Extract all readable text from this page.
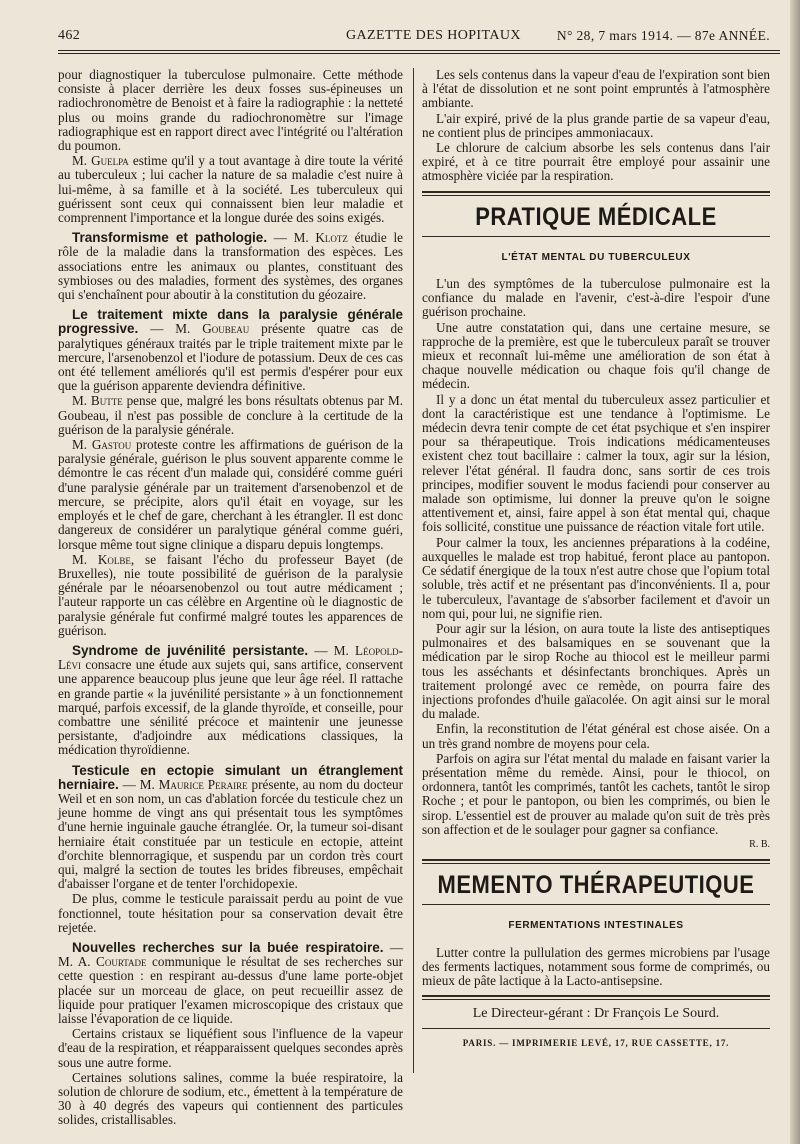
462	GAZETTE DES HOPITAUX	N° 28, 7 mars 1914. — 87e ANNÉE.

pour diagnostiquer la tuberculose pulmonaire. Cette méthode consiste à placer derrière les deux fosses sus-épineuses un radiochronomètre de Benoist et à faire la radiographie : la netteté plus ou moins grande du radiochronomètre sur l'image radiographique est en rapport direct avec l'intégrité ou l'altération du poumon.

M. Guelpa estime qu'il y a tout avantage à dire toute la vérité au tuberculeux ; lui cacher la nature de sa maladie c'est nuire à lui-même, à sa famille et à la société. Les tuberculeux qui guérissent sont ceux qui connaissent bien leur maladie et comprennent l'importance et la longue durée des soins exigés.

Transformisme et pathologie. — M. Klotz étudie le rôle de la maladie dans la transformation des espèces. Les associations entre les animaux ou plantes, constituant des symbioses ou des maladies, forment des systèmes, des organes qui s'enchaînent pour aboutir à la constitution du géozaire.

Le traitement mixte dans la paralysie générale progressive. — M. Goubeau présente quatre cas de paralytiques généraux traités par le triple traitement mixte par le mercure, l'arsenobenzol et l'iodure de potassium. Deux de ces cas ont été tellement améliorés qu'il est permis d'espérer pour eux que la guérison apparente deviendra définitive.

M. Butte pense que, malgré les bons résultats obtenus par M. Goubeau, il n'est pas possible de conclure à la certitude de la guérison de la paralysie générale.

M. Gastou proteste contre les affirmations de guérison de la paralysie générale, guérison le plus souvent apparente comme le démontre le cas récent d'un malade qui, considéré comme guéri d'une paralysie générale par un traitement d'arsenobenzol et de mercure, se précipite, alors qu'il était en voyage, sur les employés et le chef de gare, cherchant à les étrangler. Il est donc dangereux de considérer un paralytique général comme guéri, lorsque même tout signe clinique a disparu depuis longtemps.

M. Kolbe, se faisant l'écho du professeur Bayet (de Bruxelles), nie toute possibilité de guérison de la paralysie générale par le néoarsenobenzol ou tout autre médicament ; l'auteur rapporte un cas célèbre en Argentine où le diagnostic de paralysie générale fut confirmé malgré toutes les apparences de guérison.

Syndrome de juvénilité persistante. — M. Léopold-Lévi consacre une étude aux sujets qui, sans artifice, conservent une apparence beaucoup plus jeune que leur âge réel. Il rattache en grande partie « la juvénilité persistante » à un fonctionnement marqué, parfois excessif, de la glande thyroïde, et conseille, pour combattre une sénilité précoce et maintenir une jeunesse persistante, d'adjoindre aux médications classiques, la médication thyroïdienne.

Testicule en ectopie simulant un étranglement herniaire. — M. Maurice Peraire présente, au nom du docteur Weil et en son nom, un cas d'ablation forcée du testicule chez un jeune homme de vingt ans qui présentait tous les symptômes d'une hernie inguinale gauche étranglée. Or, la tumeur soi-disant herniaire était constituée par un testicule en ectopie, atteint d'orchite blennorragique, et suspendu par un cordon très court qui, malgré la section de toutes les brides fibreuses, empêchait d'abaisser l'organe et de tenter l'orchidopexie.

De plus, comme le testicule paraissait perdu au point de vue fonctionnel, toute hésitation pour sa conservation devait être rejetée.

Nouvelles recherches sur la buée respiratoire. — M. A. Courtade communique le résultat de ses recherches sur cette question : en respirant au-dessus d'une lame porte-objet placée sur un morceau de glace, on peut recueillir assez de liquide pour pratiquer l'examen microscopique des cristaux que laisse l'évaporation de ce liquide.

Certains cristaux se liquéfient sous l'influence de la vapeur d'eau de la respiration, et réapparaissent quelques secondes après sous une autre forme.

Certaines solutions salines, comme la buée respiratoire, la solution de chlorure de sodium, etc., émettent à la température de 30 à 40 degrés des vapeurs qui contiennent des particules solides, cristallisables.

Les sels contenus dans la vapeur d'eau de l'expiration sont bien à l'état de dissolution et ne sont point empruntés à l'atmosphère ambiante.

L'air expiré, privé de la plus grande partie de sa vapeur d'eau, ne contient plus de principes ammoniacaux.

Le chlorure de calcium absorbe les sels contenus dans l'air expiré, et à ce titre pourrait être employé pour assainir une atmosphère viciée par la respiration.

PRATIQUE MÉDICALE
L'ÉTAT MENTAL DU TUBERCULEUX

L'un des symptômes de la tuberculose pulmonaire est la confiance du malade en l'avenir, c'est-à-dire l'espoir d'une guérison prochaine.

Une autre constatation qui, dans une certaine mesure, se rapproche de la première, est que le tuberculeux paraît se trouver mieux et reconnaît lui-même une amélioration de son état à chaque nouvelle médication ou chaque fois qu'il change de médecin.

Il y a donc un état mental du tuberculeux assez particulier et dont la caractéristique est une tendance à l'optimisme. Le médecin devra tenir compte de cet état psychique et s'en inspirer pour sa thérapeutique. Trois indications médicamenteuses existent chez tout bacillaire : calmer la toux, agir sur la lésion, relever l'état général. Il faudra donc, sans sortir de ces trois principes, modifier souvent le modus faciendi pour conserver au malade son optimisme, lui donner la preuve qu'on le soigne attentivement et, ainsi, faire appel à son état mental qui, chaque fois sollicité, constitue une puissance de réaction vitale fort utile.

Pour calmer la toux, les anciennes préparations à la codéine, auxquelles le malade est trop habitué, feront place au pantopon. Ce sédatif énergique de la toux n'est autre chose que l'opium total soluble, très actif et ne présentant pas d'inconvénients. Il a, pour le tuberculeux, l'avantage de s'absorber facilement et d'avoir un nom qui, pour lui, ne signifie rien.

Pour agir sur la lésion, on aura toute la liste des antiseptiques pulmonaires et des balsamiques en se souvenant que la médication par le sirop Roche au thiocol est le meilleur parmi tous les asséchants et désinfectants bronchiques. Après un traitement prolongé avec ce remède, on pourra faire des injections profondes d'huile gaïacolée. On agit ainsi sur le moral du malade.

Enfin, la reconstitution de l'état général est chose aisée. On a un très grand nombre de moyens pour cela.

Parfois on agira sur l'état mental du malade en faisant varier la présentation même du remède. Ainsi, pour le thiocol, on ordonnera, tantôt les comprimés, tantôt les cachets, tantôt le sirop Roche ; et pour le pantopon, ou bien les comprimés, ou bien le sirop. L'essentiel est de prouver au malade qu'on suit de très près son affection et de le soulager pour gagner sa confiance.

R. B.
MEMENTO THÉRAPEUTIQUE
FERMENTATIONS INTESTINALES

Lutter contre la pullulation des germes microbiens par l'usage des ferments lactiques, notamment sous forme de comprimés, ou mieux de pâte lactique à la Lacto-antisepsine.

Le Directeur-gérant : Dr François Le Sourd.
PARIS. — IMPRIMERIE LEVÉ, 17, RUE CASSETTE, 17.
